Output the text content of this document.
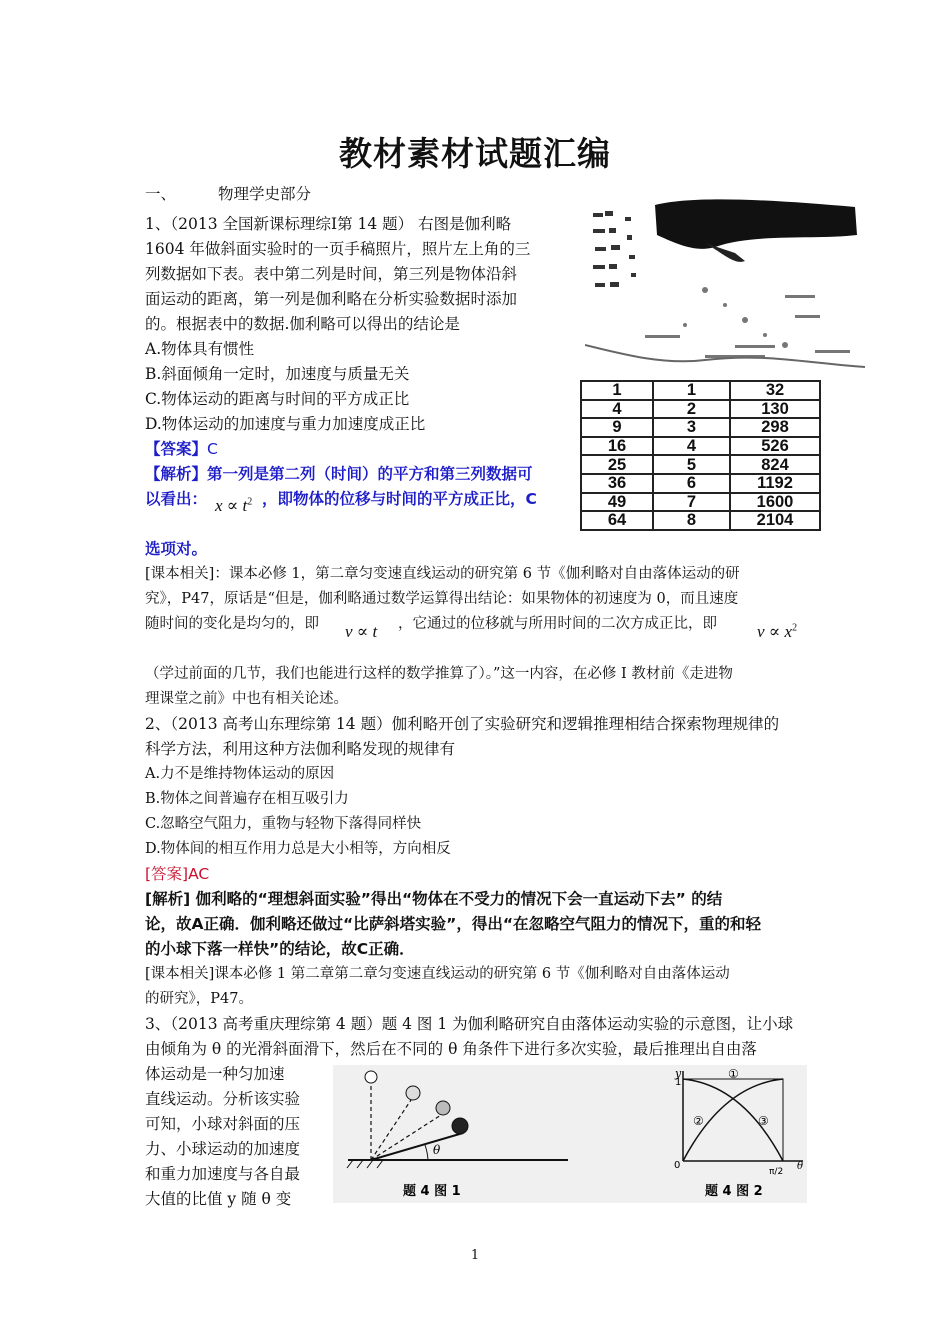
教材素材试题汇编
一、	物理学史部分
1、（2013 全国新课标理综Ⅰ第 14 题） 右图是伽利略
1604 年做斜面实验时的一页手稿照片，照片左上角的三
列数据如下表。表中第二列是时间，第三列是物体沿斜
面运动的距离，第一列是伽利略在分析实验数据时添加
的。根据表中的数据.伽利略可以得出的结论是
A.物体具有惯性
B.斜面倾角一定时，加速度与质量无关
C.物体运动的距离与时间的平方成正比
D.物体运动的加速度与重力加速度成正比
【答案】C
【解析】第一列是第二列（时间）的平方和第三列数据可
以看出： $x \propto t^2$ ，即物体的位移与时间的平方成正比，C
选项对。
[课本相关]：课本必修 1，第二章匀变速直线运动的研究第 6 节《伽利略对自由落体运动的研
究》，P47，原话是“但是，伽利略通过数学运算得出结论：如果物体的初速度为 0，而且速度
随时间的变化是均匀的，即 v ∝ t ，它通过的位移就与所用时间的二次方成正比，即 $v \propto x^2$
（学过前面的几节，我们也能进行这样的数学推算了）。”这一内容，在必修 Ⅰ 教材前《走进物
理课堂之前》中也有相关论述。
1	1	32
4	2	130
9	3	298
16	4	526
25	5	824
36	6	1192
49	7	1600
64	8	2104
2、（2013 高考山东理综第 14 题）伽利略开创了实验研究和逻辑推理相结合探索物理规律的
科学方法，利用这种方法伽利略发现的规律有
A.力不是维持物体运动的原因
B.物体之间普遍存在相互吸引力
C.忽略空气阻力，重物与轻物下落得同样快
D.物体间的相互作用力总是大小相等，方向相反
[答案]AC
[解析] 伽利略的“理想斜面实验”得出“物体在不受力的情况下会一直运动下去” 的结
论，故A正确．伽利略还做过“比萨斜塔实验”，得出“在忽略空气阻力的情况下，重的和轻
的小球下落一样快”的结论，故C正确．
[课本相关]课本必修 1 第二章第二章匀变速直线运动的研究第 6 节《伽利略对自由落体运动
的研究》，P47。
3、（2013 高考重庆理综第 4 题）题 4 图 1 为伽利略研究自由落体运动实验的示意图，让小球
由倾角为 θ 的光滑斜面滑下，然后在不同的 θ 角条件下进行多次实验，最后推理出自由落
体运动是一种匀加速
直线运动。分析该实验
可知，小球对斜面的压
力、小球运动的加速度
和重力加速度与各自最
大值的比值 y 随 θ 变
θ
题 4 图 1
y
1
0
π/2 θ
①
②	③
题 4 图 2
1
